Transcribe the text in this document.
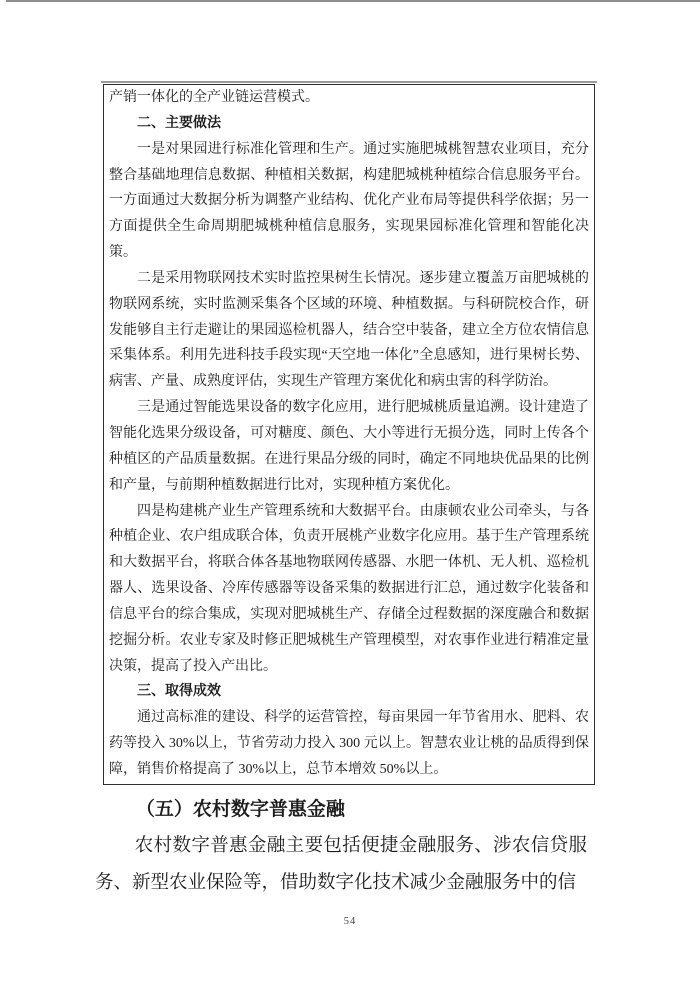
产销一体化的全产业链运营模式。

二、主要做法

一是对果园进行标准化管理和生产。通过实施肥城桃智慧农业项目，充分整合基础地理信息数据、种植相关数据，构建肥城桃种植综合信息服务平台。一方面通过大数据分析为调整产业结构、优化产业布局等提供科学依据；另一方面提供全生命周期肥城桃种植信息服务，实现果园标准化管理和智能化决策。

二是采用物联网技术实时监控果树生长情况。逐步建立覆盖万亩肥城桃的物联网系统，实时监测采集各个区域的环境、种植数据。与科研院校合作，研发能够自主行走避让的果园巡检机器人，结合空中装备，建立全方位农情信息采集体系。利用先进科技手段实现“天空地一体化”全息感知，进行果树长势、病害、产量、成熟度评估，实现生产管理方案优化和病虫害的科学防治。

三是通过智能选果设备的数字化应用，进行肥城桃质量追溯。设计建造了智能化选果分级设备，可对糖度、颜色、大小等进行无损分选，同时上传各个种植区的产品质量数据。在进行果品分级的同时，确定不同地块优品果的比例和产量，与前期种植数据进行比对，实现种植方案优化。

四是构建桃产业生产管理系统和大数据平台。由康顿农业公司牵头，与各种植企业、农户组成联合体，负责开展桃产业数字化应用。基于生产管理系统和大数据平台，将联合体各基地物联网传感器、水肥一体机、无人机、巡检机器人、选果设备、冷库传感器等设备采集的数据进行汇总，通过数字化装备和信息平台的综合集成，实现对肥城桃生产、存储全过程数据的深度融合和数据挖掘分析。农业专家及时修正肥城桃生产管理模型，对农事作业进行精准定量决策，提高了投入产出比。

三、取得成效

通过高标准的建设、科学的运营管控，每亩果园一年节省用水、肥料、农药等投入 30%以上，节省劳动力投入 300 元以上。智慧农业让桃的品质得到保障，销售价格提高了 30%以上，总节本增效 50%以上。

（五）农村数字普惠金融

农村数字普惠金融主要包括便捷金融服务、涉农信贷服务、新型农业保险等，借助数字化技术减少金融服务中的信

54
